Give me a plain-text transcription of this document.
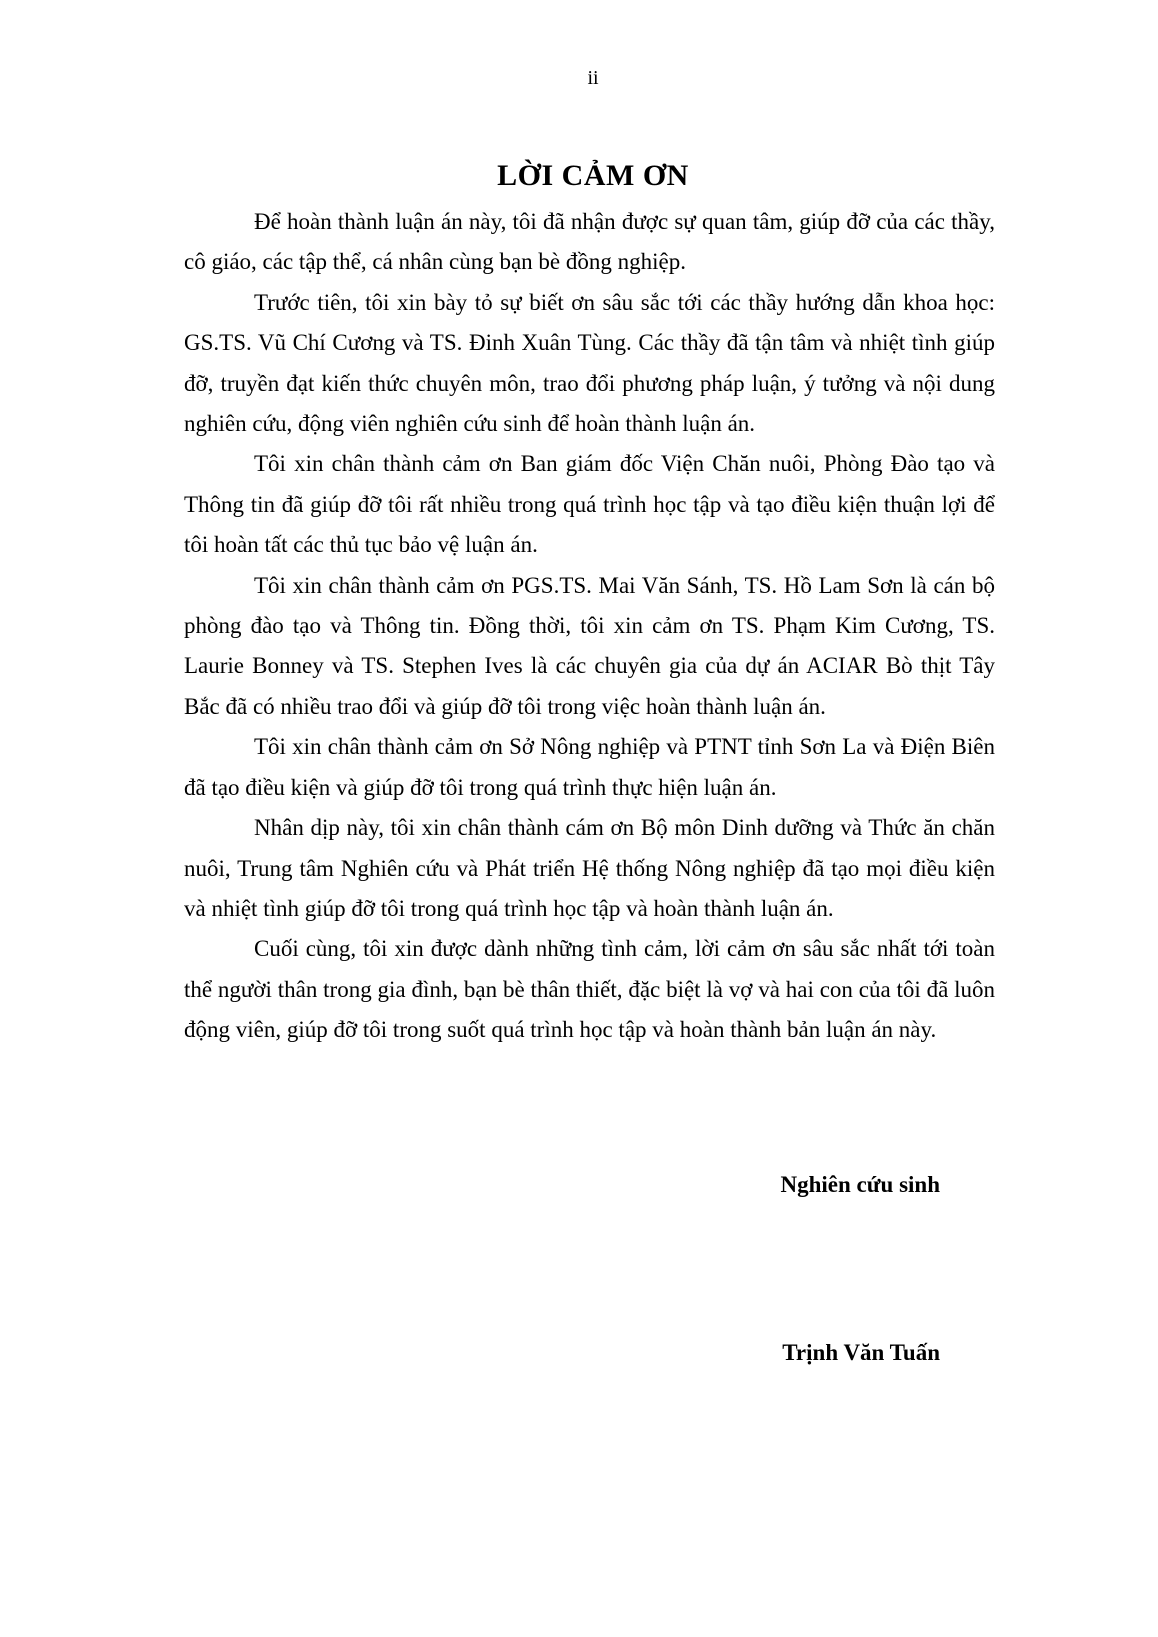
ii
LỜI CẢM ƠN

Để hoàn thành luận án này, tôi đã nhận được sự quan tâm, giúp đỡ của các thầy, cô giáo, các tập thể, cá nhân cùng bạn bè đồng nghiệp.

Trước tiên, tôi xin bày tỏ sự biết ơn sâu sắc tới các thầy hướng dẫn khoa học: GS.TS. Vũ Chí Cương và TS. Đinh Xuân Tùng. Các thầy đã tận tâm và nhiệt tình giúp đỡ, truyền đạt kiến thức chuyên môn, trao đổi phương pháp luận, ý tưởng và nội dung nghiên cứu, động viên nghiên cứu sinh để hoàn thành luận án.

Tôi xin chân thành cảm ơn Ban giám đốc Viện Chăn nuôi, Phòng Đào tạo và Thông tin đã giúp đỡ tôi rất nhiều trong quá trình học tập và tạo điều kiện thuận lợi để tôi hoàn tất các thủ tục bảo vệ luận án.

Tôi xin chân thành cảm ơn PGS.TS. Mai Văn Sánh, TS. Hồ Lam Sơn là cán bộ phòng đào tạo và Thông tin. Đồng thời, tôi xin cảm ơn TS. Phạm Kim Cương, TS. Laurie Bonney và TS. Stephen Ives là các chuyên gia của dự án ACIAR Bò thịt Tây Bắc đã có nhiều trao đổi và giúp đỡ tôi trong việc hoàn thành luận án.

Tôi xin chân thành cảm ơn Sở Nông nghiệp và PTNT tỉnh Sơn La và Điện Biên đã tạo điều kiện và giúp đỡ tôi trong quá trình thực hiện luận án.

Nhân dịp này, tôi xin chân thành cám ơn Bộ môn Dinh dưỡng và Thức ăn chăn nuôi, Trung tâm Nghiên cứu và Phát triển Hệ thống Nông nghiệp đã tạo mọi điều kiện và nhiệt tình giúp đỡ tôi trong quá trình học tập và hoàn thành luận án.

Cuối cùng, tôi xin được dành những tình cảm, lời cảm ơn sâu sắc nhất tới toàn thể người thân trong gia đình, bạn bè thân thiết, đặc biệt là vợ và hai con của tôi đã luôn động viên, giúp đỡ tôi trong suốt quá trình học tập và hoàn thành bản luận án này.

Nghiên cứu sinh
Trịnh Văn Tuấn
